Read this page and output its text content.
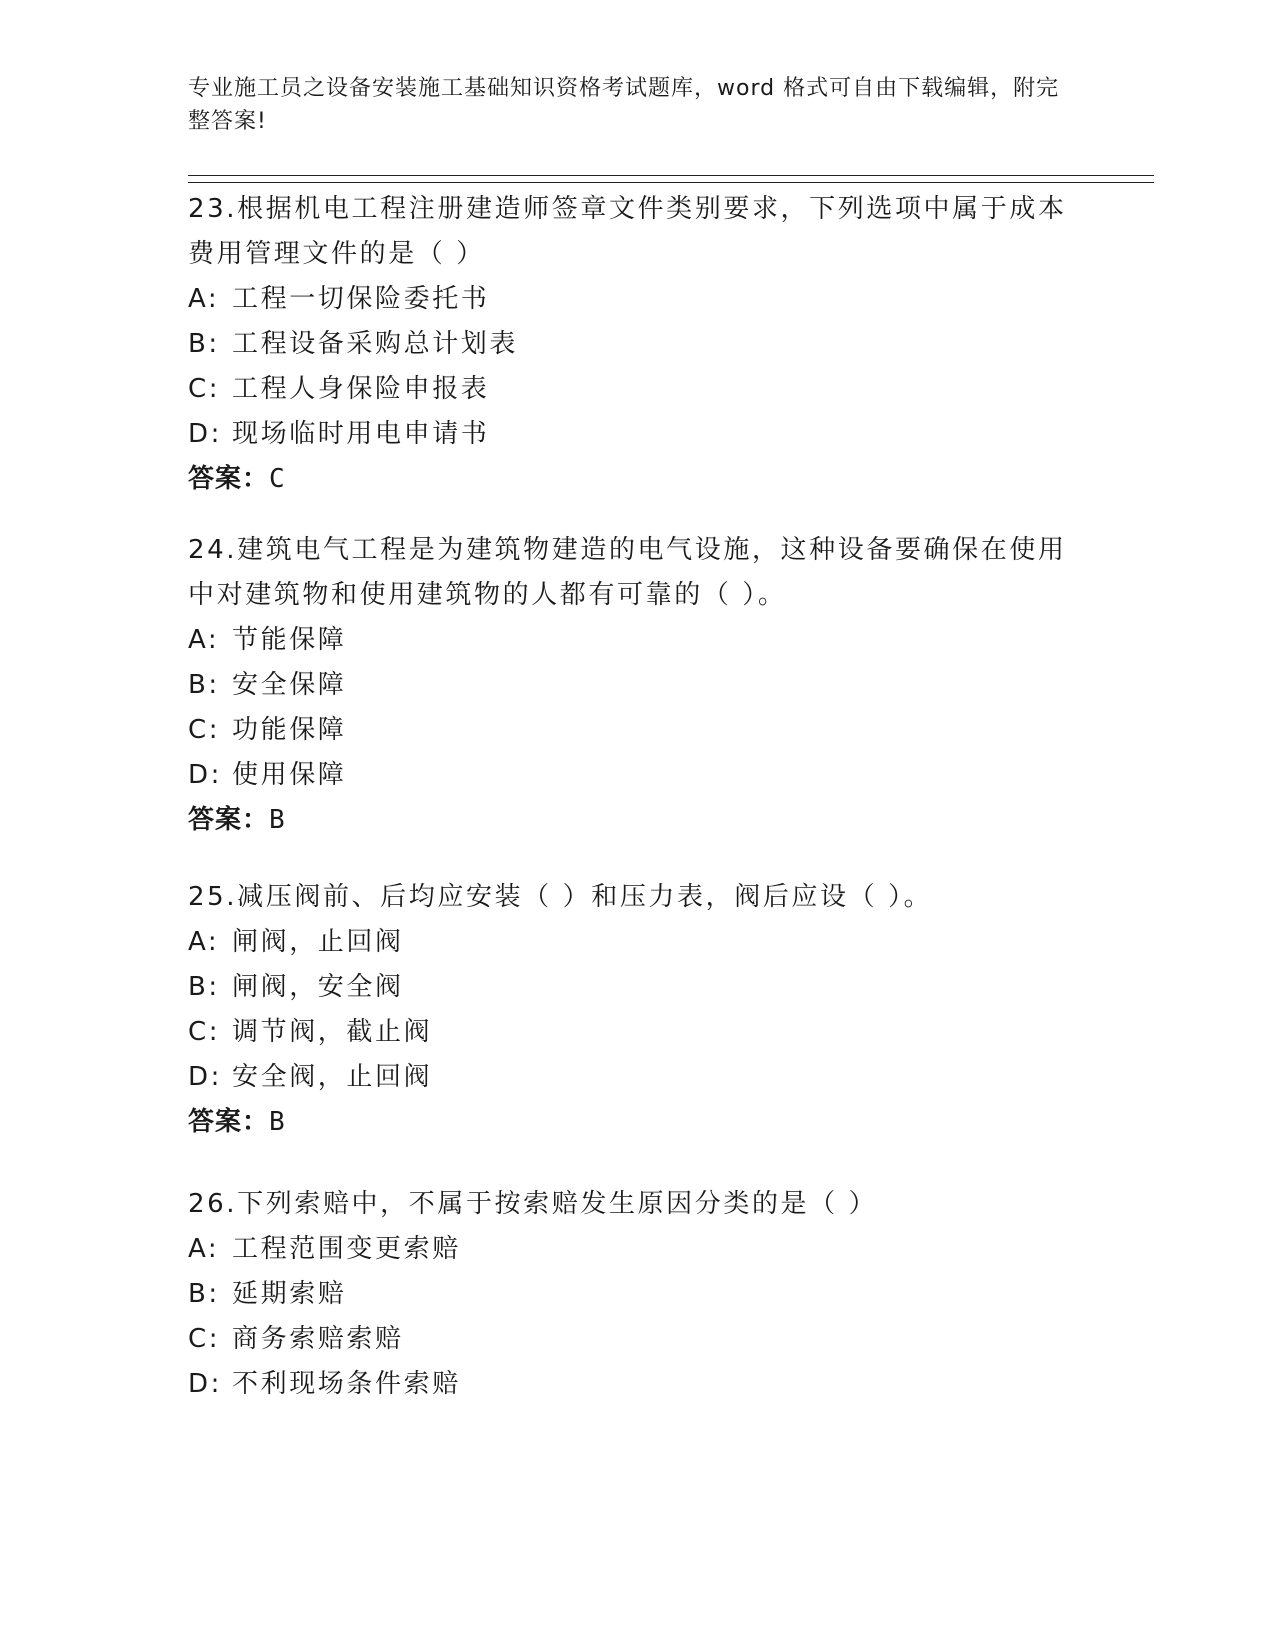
专业施工员之设备安装施工基础知识资格考试题库，word 格式可自由下载编辑，附完整答案!

23.根据机电工程注册建造师签章文件类别要求，下列选项中属于成本费用管理文件的是（ ）

A: 工程一切保险委托书
B: 工程设备采购总计划表
C: 工程人身保险申报表
D: 现场临时用电申请书

答案：C

24.建筑电气工程是为建筑物建造的电气设施，这种设备要确保在使用中对建筑物和使用建筑物的人都有可靠的（ ）。

A: 节能保障
B: 安全保障
C: 功能保障
D: 使用保障

答案：B

25.减压阀前、后均应安装（ ）和压力表，阀后应设（ ）。

A: 闸阀，止回阀
B: 闸阀，安全阀
C: 调节阀，截止阀
D: 安全阀，止回阀

答案：B

26.下列索赔中，不属于按索赔发生原因分类的是（ ）

A: 工程范围变更索赔
B: 延期索赔
C: 商务索赔索赔
D: 不利现场条件索赔
